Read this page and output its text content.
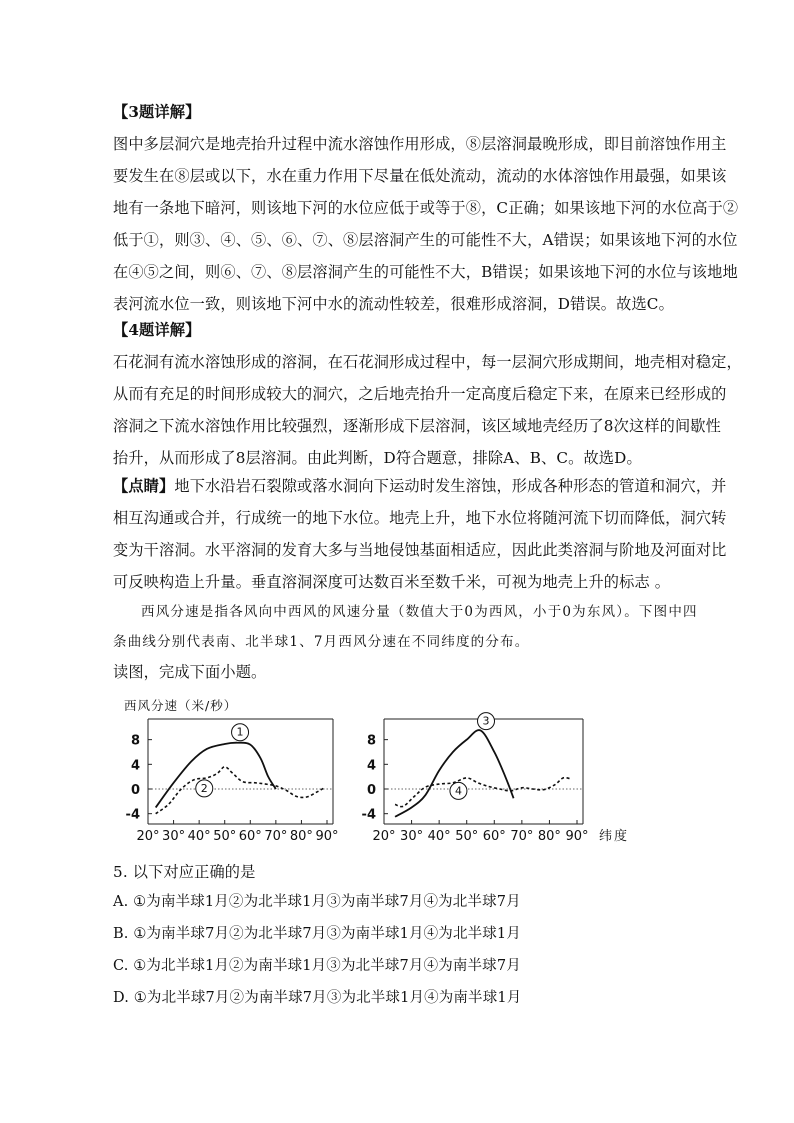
【3题详解】
图中多层洞穴是地壳抬升过程中流水溶蚀作用形成，⑧层溶洞最晚形成，即目前溶蚀作用主
要发生在⑧层或以下，水在重力作用下尽量在低处流动，流动的水体溶蚀作用最强，如果该
地有一条地下暗河，则该地下河的水位应低于或等于⑧，C正确；如果该地下河的水位高于②
低于①，则③、④、⑤、⑥、⑦、⑧层溶洞产生的可能性不大，A错误；如果该地下河的水位
在④⑤之间，则⑥、⑦、⑧层溶洞产生的可能性不大，B错误；如果该地下河的水位与该地地
表河流水位一致，则该地下河中水的流动性较差，很难形成溶洞，D错误。故选C。
【4题详解】
石花洞有流水溶蚀形成的溶洞，在石花洞形成过程中，每一层洞穴形成期间，地壳相对稳定，
从而有充足的时间形成较大的洞穴，之后地壳抬升一定高度后稳定下来，在原来已经形成的
溶洞之下流水溶蚀作用比较强烈，逐渐形成下层溶洞，该区域地壳经历了8次这样的间歇性
抬升，从而形成了8层溶洞。由此判断，D符合题意，排除A、B、C。故选D。
【点睛】地下水沿岩石裂隙或落水洞向下运动时发生溶蚀，形成各种形态的管道和洞穴，并
相互沟通或合并，行成统一的地下水位。地壳上升，地下水位将随河流下切而降低，洞穴转
变为干溶洞。水平溶洞的发育大多与当地侵蚀基面相适应，因此此类溶洞与阶地及河面对比
可反映构造上升量。垂直溶洞深度可达数百米至数千米，可视为地壳上升的标志 。
西风分速是指各风向中西风的风速分量（数值大于0为西风，小于0为东风）。下图中四
条曲线分别代表南、北半球1、7月西风分速在不同纬度的分布。
读图，完成下面小题。
8
4
0
-4
20° 30° 40° 50° 60° 70° 80° 90°
西风分速（米/秒）
1
2
8
4
0
-4
20° 30° 40° 50° 60° 70° 80° 90° 纬度
3
4
5. 以下对应正确的是
A. ①为南半球1月②为北半球1月③为南半球7月④为北半球7月
B. ①为南半球7月②为北半球7月③为南半球1月④为北半球1月
C. ①为北半球1月②为南半球1月③为北半球7月④为南半球7月
D. ①为北半球7月②为南半球7月③为北半球1月④为南半球1月
